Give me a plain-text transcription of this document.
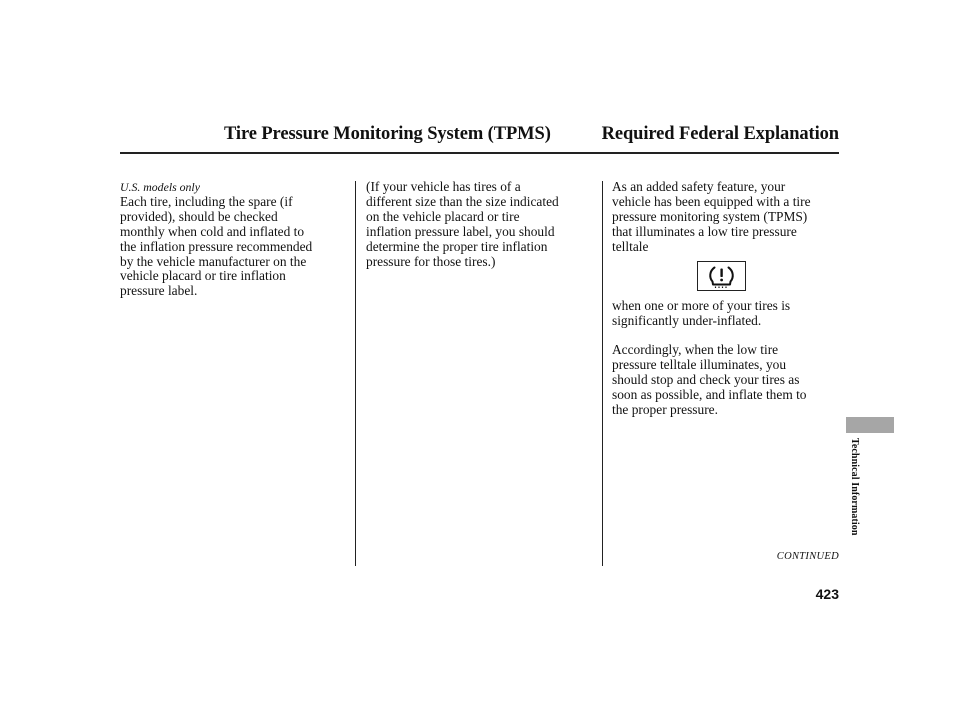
Tire Pressure Monitoring System (TPMS)	Required Federal Explanation

U.S. models only

Each tire, including the spare (if

provided), should be checked

monthly when cold and inflated to

the inflation pressure recommended

by the vehicle manufacturer on the

vehicle placard or tire inflation

pressure label.

(If your vehicle has tires of a

different size than the size indicated

on the vehicle placard or tire

inflation pressure label, you should

determine the proper tire inflation

pressure for those tires.)

As an added safety feature, your

vehicle has been equipped with a tire

pressure monitoring system (TPMS)

that illuminates a low tire pressure

telltale

when one or more of your tires is

significantly under-inflated.

Accordingly, when the low tire

pressure telltale illuminates, you

should stop and check your tires as

soon as possible, and inflate them to

the proper pressure.

Technical Information
CONTINUED
423
